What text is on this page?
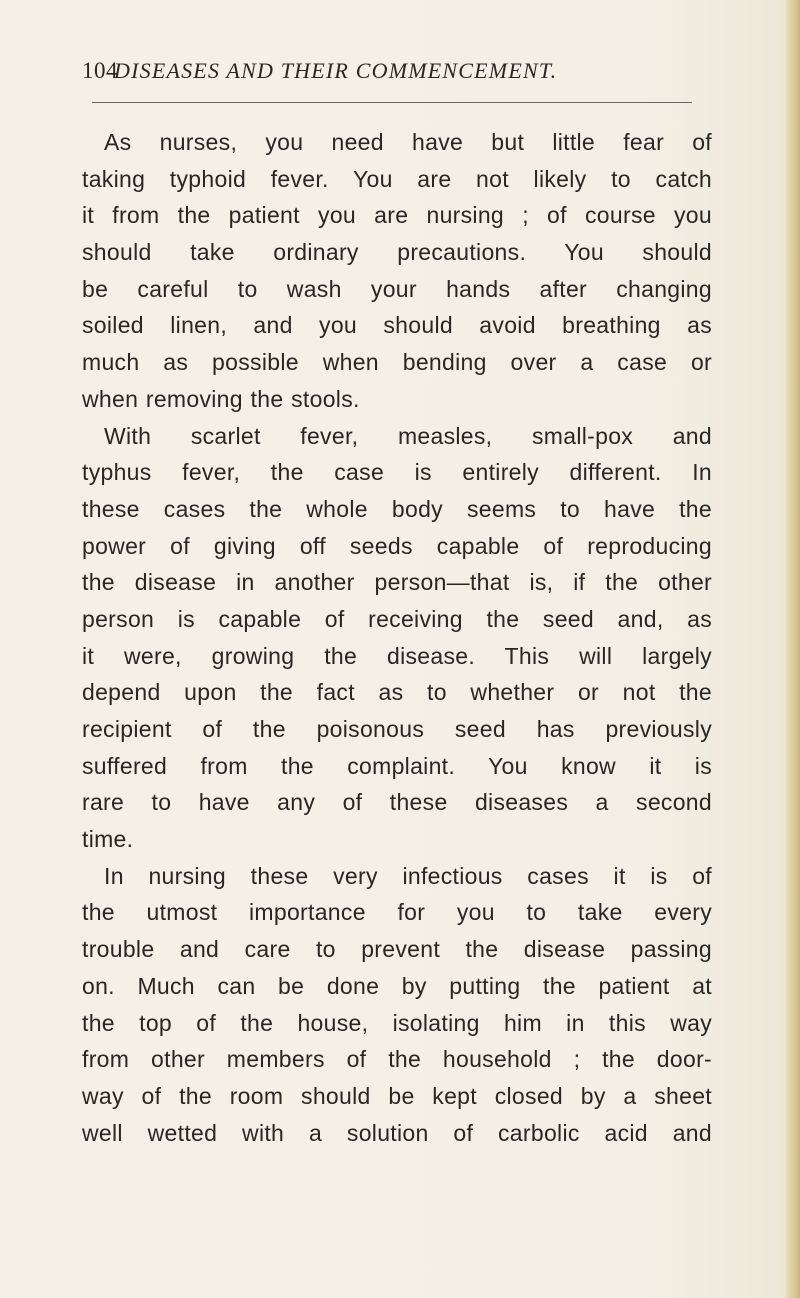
104
DISEASES AND THEIR COMMENCEMENT.
As nurses, you need have but little fear of
taking typhoid fever. You are not likely to catch
it from the patient you are nursing ; of course you
should take ordinary precautions. You should
be careful to wash your hands after changing
soiled linen, and you should avoid breathing as
much as possible when bending over a case or
when removing the stools.
With scarlet fever, measles, small-pox and
typhus fever, the case is entirely different. In
these cases the whole body seems to have the
power of giving off seeds capable of reproducing
the disease in another person—that is, if the other
person is capable of receiving the seed and, as
it were, growing the disease. This will largely
depend upon the fact as to whether or not the
recipient of the poisonous seed has previously
suffered from the complaint. You know it is
rare to have any of these diseases a second
time.
In nursing these very infectious cases it is of
the utmost importance for you to take every
trouble and care to prevent the disease passing
on. Much can be done by putting the patient at
the top of the house, isolating him in this way
from other members of the household ; the door-
way of the room should be kept closed by a sheet
well wetted with a solution of carbolic acid and
